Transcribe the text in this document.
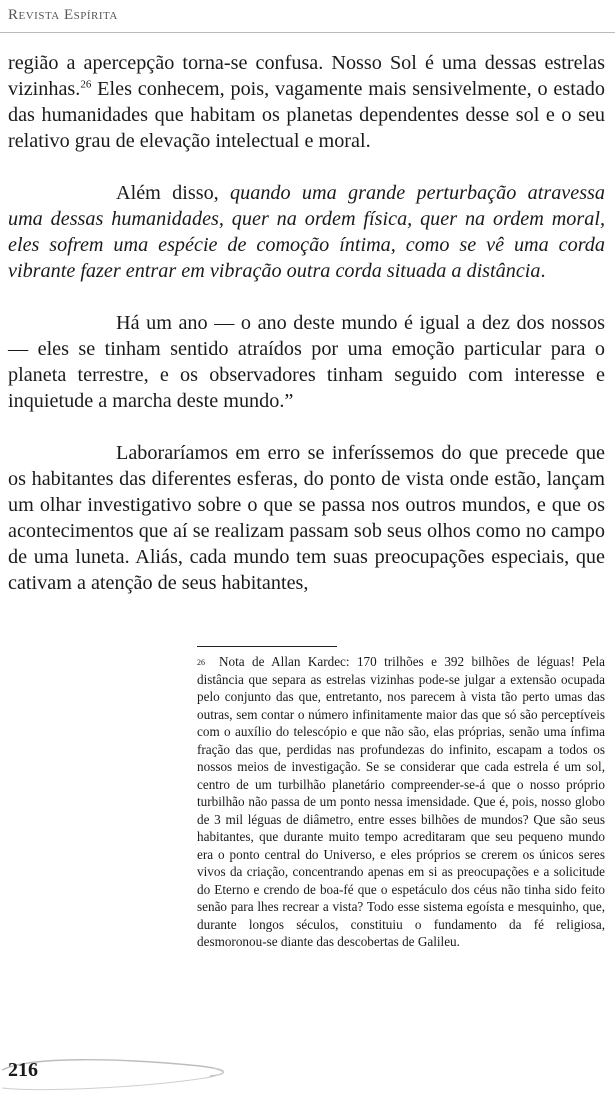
Revista Espírita

região a apercepção torna-se confusa. Nosso Sol é uma dessas estrelas vizinhas.$^{26}$ Eles conhecem, pois, vagamente mais sensivelmente, o estado das humanidades que habitam os planetas dependentes desse sol e o seu relativo grau de elevação intelectual e moral.

Além disso, quando uma grande perturbação atravessa uma dessas humanidades, quer na ordem física, quer na ordem moral, eles sofrem uma espécie de comoção íntima, como se vê uma corda vibrante fazer entrar em vibração outra corda situada a distância.

Há um ano — o ano deste mundo é igual a dez dos nossos — eles se tinham sentido atraídos por uma emoção particular para o planeta terrestre, e os observadores tinham seguido com interesse e inquietude a marcha deste mundo.”

Laboraríamos em erro se inferíssemos do que precede que os habitantes das diferentes esferas, do ponto de vista onde estão, lançam um olhar investigativo sobre o que se passa nos outros mundos, e que os acontecimentos que aí se realizam passam sob seus olhos como no campo de uma luneta. Aliás, cada mundo tem suas preocupações especiais, que cativam a atenção de seus habitantes,

26 Nota de Allan Kardec: 170 trilhões e 392 bilhões de léguas! Pela distância que separa as estrelas vizinhas pode-se julgar a extensão ocupada pelo conjunto das que, entretanto, nos parecem à vista tão perto umas das outras, sem contar o número infinitamente maior das que só são perceptíveis com o auxílio do telescópio e que não são, elas próprias, senão uma ínfima fração das que, perdidas nas profundezas do infinito, escapam a todos os nossos meios de investigação. Se se considerar que cada estrela é um sol, centro de um turbilhão planetário compreender-se-á que o nosso próprio turbilhão não passa de um ponto nessa imensidade. Que é, pois, nosso globo de 3 mil léguas de diâmetro, entre esses bilhões de mundos? Que são seus habitantes, que durante muito tempo acreditaram que seu pequeno mundo era o ponto central do Universo, e eles próprios se crerem os únicos seres vivos da criação, concentrando apenas em si as preocupações e a solicitude do Eterno e crendo de boa-fé que o espetáculo dos céus não tinha sido feito senão para lhes recrear a vista? Todo esse sistema egoísta e mesquinho, que, durante longos séculos, constituiu o fundamento da fé religiosa, desmoronou-se diante das descobertas de Galileu.
216
